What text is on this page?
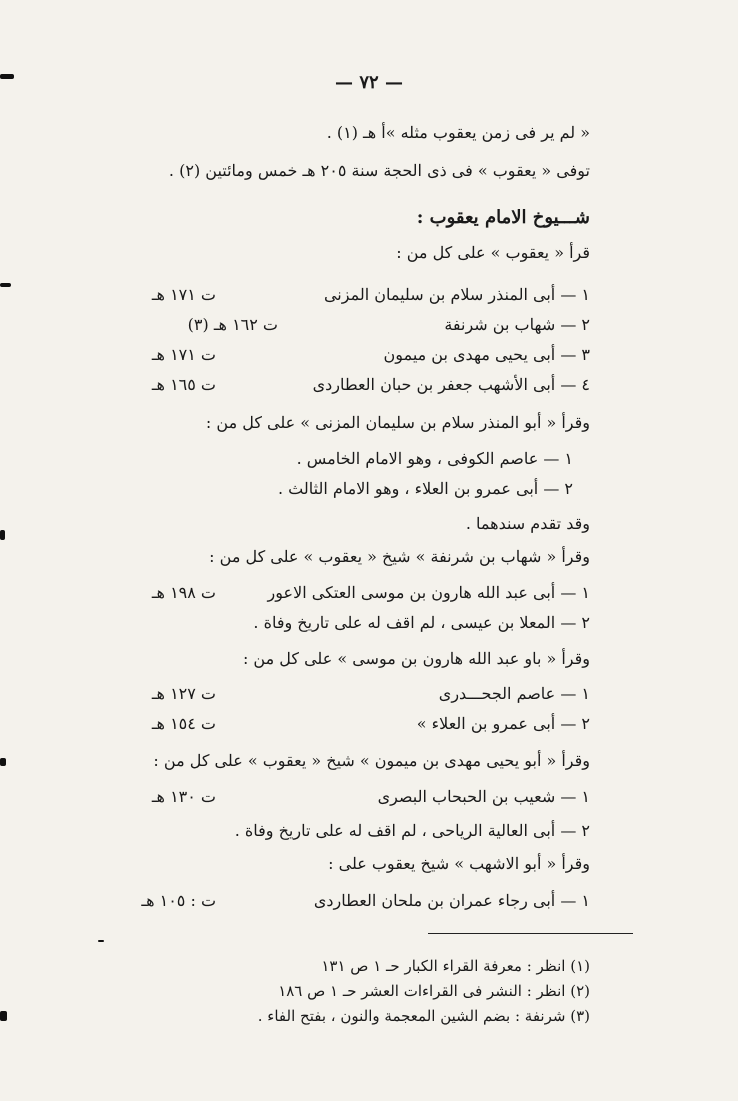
— ٧٢ —
« لم ير فى زمن يعقوب مثله »أ هـ (١) .
توفى « يعقوب » فى ذى الحجة سنة ٢٠٥ هـ خمس ومائتين (٢) .
شـــيوخ الامام يعقوب :
قرأ « يعقوب » على كل من :
١ — أبى المنذر سلام بن سليمان المزنى
ت ١٧١ هـ
٢ — شهاب بن شرنفة
ت ١٦٢ هـ (٣)
٣ — أبى يحيى مهدى بن ميمون
ت ١٧١ هـ
٤ — أبى الأشهب جعفر بن حبان العطاردى
ت ١٦٥ هـ
وقرأ « أبو المنذر سلام بن سليمان المزنى » على كل من :
١ — عاصم الكوفى ، وهو الامام الخامس .
٢ — أبى عمرو بن العلاء ، وهو الامام الثالث .
وقد تقدم سندهما .
وقرأ « شهاب بن شرنفة » شيخ « يعقوب » على كل من :
١ — أبى عبد الله هارون بن موسى العتكى الاعور
ت ١٩٨ هـ
٢ — المعلا بن عيسى ، لم اقف له على تاريخ وفاة .
وقرأ « باو عبد الله هارون بن موسى » على كل من :
١ — عاصم الجحـــدرى
ت ١٢٧ هـ
٢ — أبى عمرو بن العلاء »
ت ١٥٤ هـ
وقرأ « أبو يحيى مهدى بن ميمون » شيخ « يعقوب » على كل من :
١ — شعيب بن الحبحاب البصرى
ت ١٣٠ هـ
٢ — أبى العالية الرياحى ، لم اقف له على تاريخ وفاة .
وقرأ « أبو الاشهب » شيخ يعقوب على :
١ — أبى رجاء عمران بن ملحان العطاردى
ت : ١٠٥ هـ
(١) انظر : معرفة القراء الكبار حـ ١ ص ١٣١
(٢) انظر : النشر فى القراءات العشر حـ ١ ص ١٨٦
(٣) شرنفة : بضم الشين المعجمة والنون ، بفتح الفاء .
